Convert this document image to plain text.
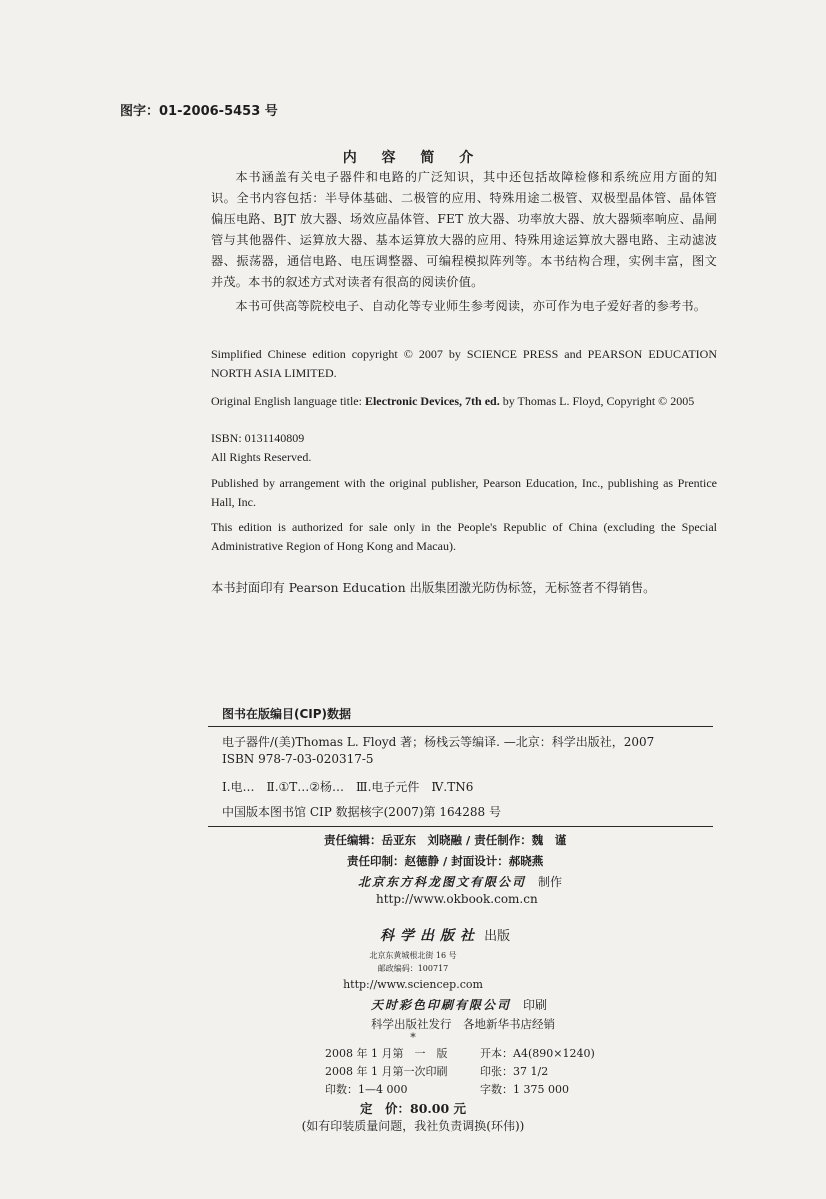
图字：01-2006-5453 号
内 容 简 介

本书涵盖有关电子器件和电路的广泛知识，其中还包括故障检修和系统应用方面的知识。全书内容包括：半导体基础、二极管的应用、特殊用途二极管、双极型晶体管、晶体管偏压电路、BJT 放大器、场效应晶体管、FET 放大器、功率放大器、放大器频率响应、晶闸管与其他器件、运算放大器、基本运算放大器的应用、特殊用途运算放大器电路、主动滤波器、振荡器，通信电路、电压调整器、可编程模拟阵列等。本书结构合理，实例丰富，图文并茂。本书的叙述方式对读者有很高的阅读价值。

本书可供高等院校电子、自动化等专业师生参考阅读，亦可作为电子爱好者的参考书。

Simplified Chinese edition copyright © 2007 by SCIENCE PRESS and PEARSON EDUCATION NORTH ASIA LIMITED.
Original English language title: Electronic Devices, 7th ed. by Thomas L. Floyd, Copyright © 2005
ISBN: 0131140809
All Rights Reserved.
Published by arrangement with the original publisher, Pearson Education, Inc., publishing as Prentice Hall, Inc.
This edition is authorized for sale only in the People's Republic of China (excluding the Special Administrative Region of Hong Kong and Macau).
本书封面印有 Pearson Education 出版集团激光防伪标签，无标签者不得销售。
图书在版编目(CIP)数据
电子器件/(美)Thomas L. Floyd 著；杨栈云等编译. —北京：科学出版社，2007
ISBN 978-7-03-020317-5
Ⅰ.电…　Ⅱ.①T…②杨…　Ⅲ.电子元件　Ⅳ.TN6
中国版本图书馆 CIP 数据核字(2007)第 164288 号
责任编辑：岳亚东　刘晓融 / 责任制作：魏　谨
责任印制：赵德静 / 封面设计：郝晓燕
北京东方科龙图文有限公司　 制作
http://www.okbook.com.cn
科学出版社 出版
北京东黄城根北街 16 号
邮政编码：100717
http://www.sciencep.com
天时彩色印刷有限公司　 印刷
科学出版社发行　各地新华书店经销
*
2008 年 1 月第　一　版	开本：A4(890×1240)
2008 年 1 月第一次印刷	印张：37 1/2
印数：1—4 000	字数：1 375 000
定　价：80.00 元
(如有印装质量问题，我社负责调换(环伟))
